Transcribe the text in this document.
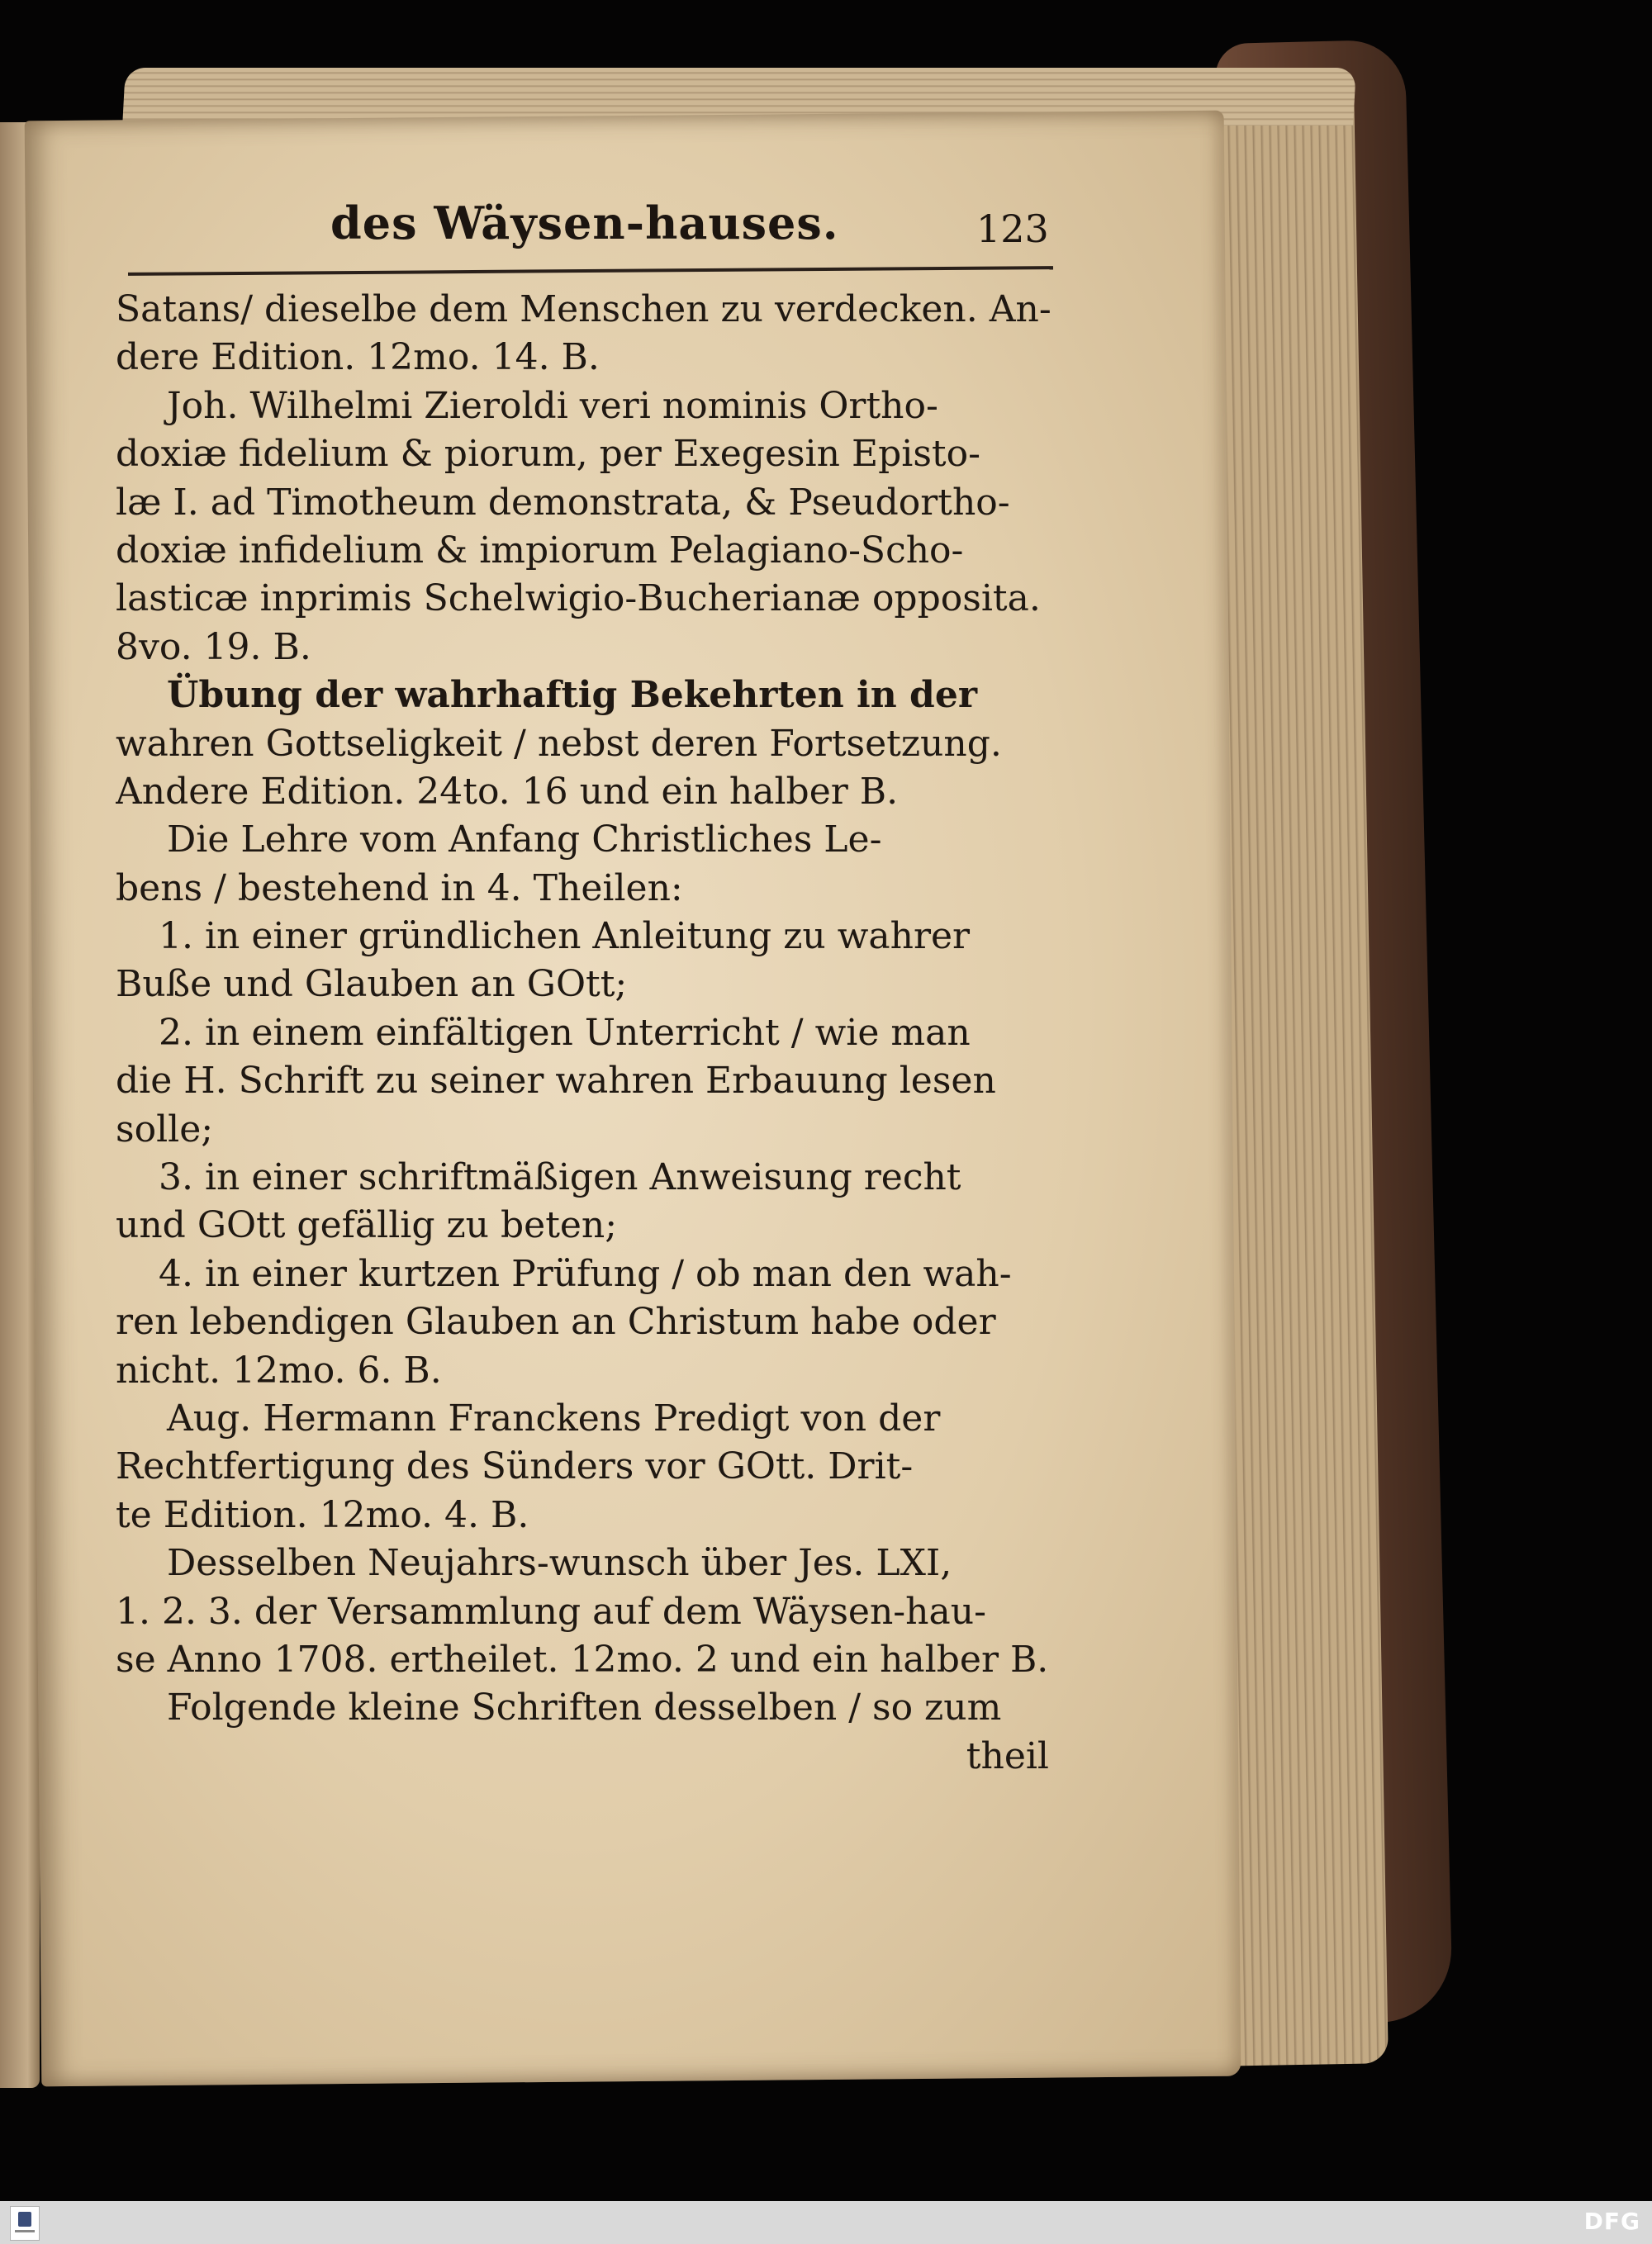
des Wäysen-hauses.	123
Satans/ dieselbe dem Menschen zu verdecken. An-
dere Edition. 12mo. 14. B.
Joh. Wilhelmi Zieroldi veri nominis Ortho-
doxiæ fidelium & piorum, per Exegesin Episto-
læ I. ad Timotheum demonstrata, & Pseudortho-
doxiæ infidelium & impiorum Pelagiano-Scho-
lasticæ inprimis Schelwigio-Bucherianæ opposita.
8vo. 19. B.
Übung der wahrhaftig Bekehrten in der
wahren Gottseligkeit / nebst deren Fortsetzung.
Andere Edition. 24to. 16 und ein halber B.
Die Lehre vom Anfang Christliches Le-
bens / bestehend in 4. Theilen:
1. in einer gründlichen Anleitung zu wahrer
Buße und Glauben an GOtt;
2. in einem einfältigen Unterricht / wie man
die H. Schrift zu seiner wahren Erbauung lesen
solle;
3. in einer schriftmäßigen Anweisung recht
und GOtt gefällig zu beten;
4. in einer kurtzen Prüfung / ob man den wah-
ren lebendigen Glauben an Christum habe oder
nicht. 12mo. 6. B.
Aug. Hermann Franckens Predigt von der
Rechtfertigung des Sünders vor GOtt. Drit-
te Edition. 12mo. 4. B.
Desselben Neujahrs-wunsch über Jes. LXI,
1. 2. 3. der Versammlung auf dem Wäysen-hau-
se Anno 1708. ertheilet. 12mo. 2 und ein halber B.
Folgende kleine Schriften desselben / so zum
theil
DFG
